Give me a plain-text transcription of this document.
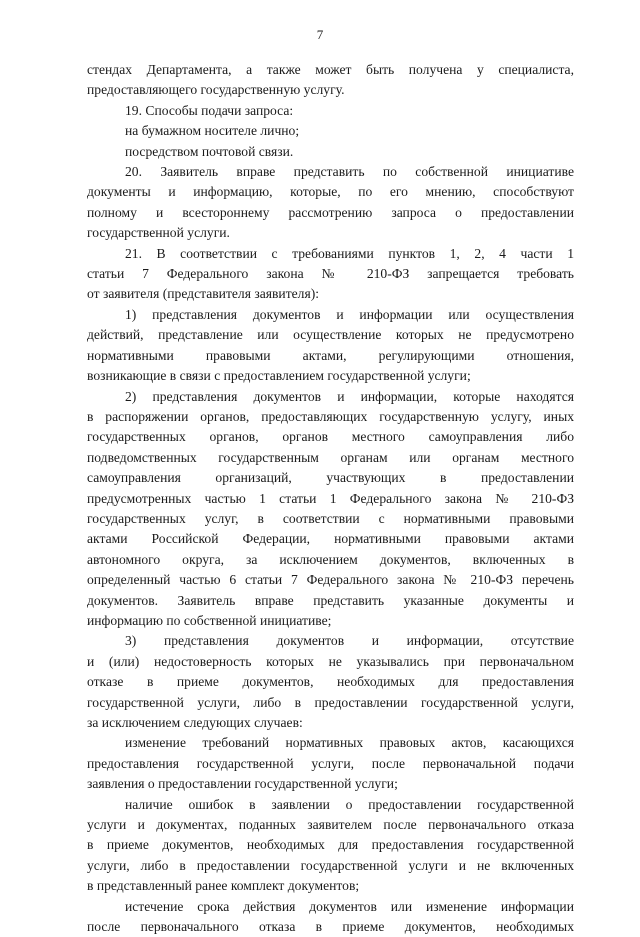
7

стендах Департамента, а также может быть получена у специалиста,

предоставляющего государственную услугу.

19. Способы подачи запроса:

на бумажном носителе лично;

посредством почтовой связи.

20. Заявитель вправе представить по собственной инициативе

документы и информацию, которые, по его мнению, способствуют

полному и всестороннему рассмотрению запроса о предоставлении

государственной услуги.

21. В соответствии с требованиями пунктов 1, 2, 4 части 1

статьи 7 Федерального закона № 210-ФЗ запрещается требовать

от заявителя (представителя заявителя):

1) представления документов и информации или осуществления

действий, представление или осуществление которых не предусмотрено

нормативными правовыми актами, регулирующими отношения,

возникающие в связи с предоставлением государственной услуги;

2) представления документов и информации, которые находятся

в распоряжении органов, предоставляющих государственную услугу, иных

государственных органов, органов местного самоуправления либо

подведомственных государственным органам или органам местного

самоуправления организаций, участвующих в предоставлении

предусмотренных частью 1 статьи 1 Федерального закона № 210-ФЗ

государственных услуг, в соответствии с нормативными правовыми

актами Российской Федерации, нормативными правовыми актами

автономного округа, за исключением документов, включенных в

определенный частью 6 статьи 7 Федерального закона № 210-ФЗ перечень

документов. Заявитель вправе представить указанные документы и

информацию по собственной инициативе;

3) представления документов и информации, отсутствие

и (или) недостоверность которых не указывались при первоначальном

отказе в приеме документов, необходимых для предоставления

государственной услуги, либо в предоставлении государственной услуги,

за исключением следующих случаев:

изменение требований нормативных правовых актов, касающихся

предоставления государственной услуги, после первоначальной подачи

заявления о предоставлении государственной услуги;

наличие ошибок в заявлении о предоставлении государственной

услуги и документах, поданных заявителем после первоначального отказа

в приеме документов, необходимых для предоставления государственной

услуги, либо в предоставлении государственной услуги и не включенных

в представленный ранее комплект документов;

истечение срока действия документов или изменение информации

после первоначального отказа в приеме документов, необходимых
